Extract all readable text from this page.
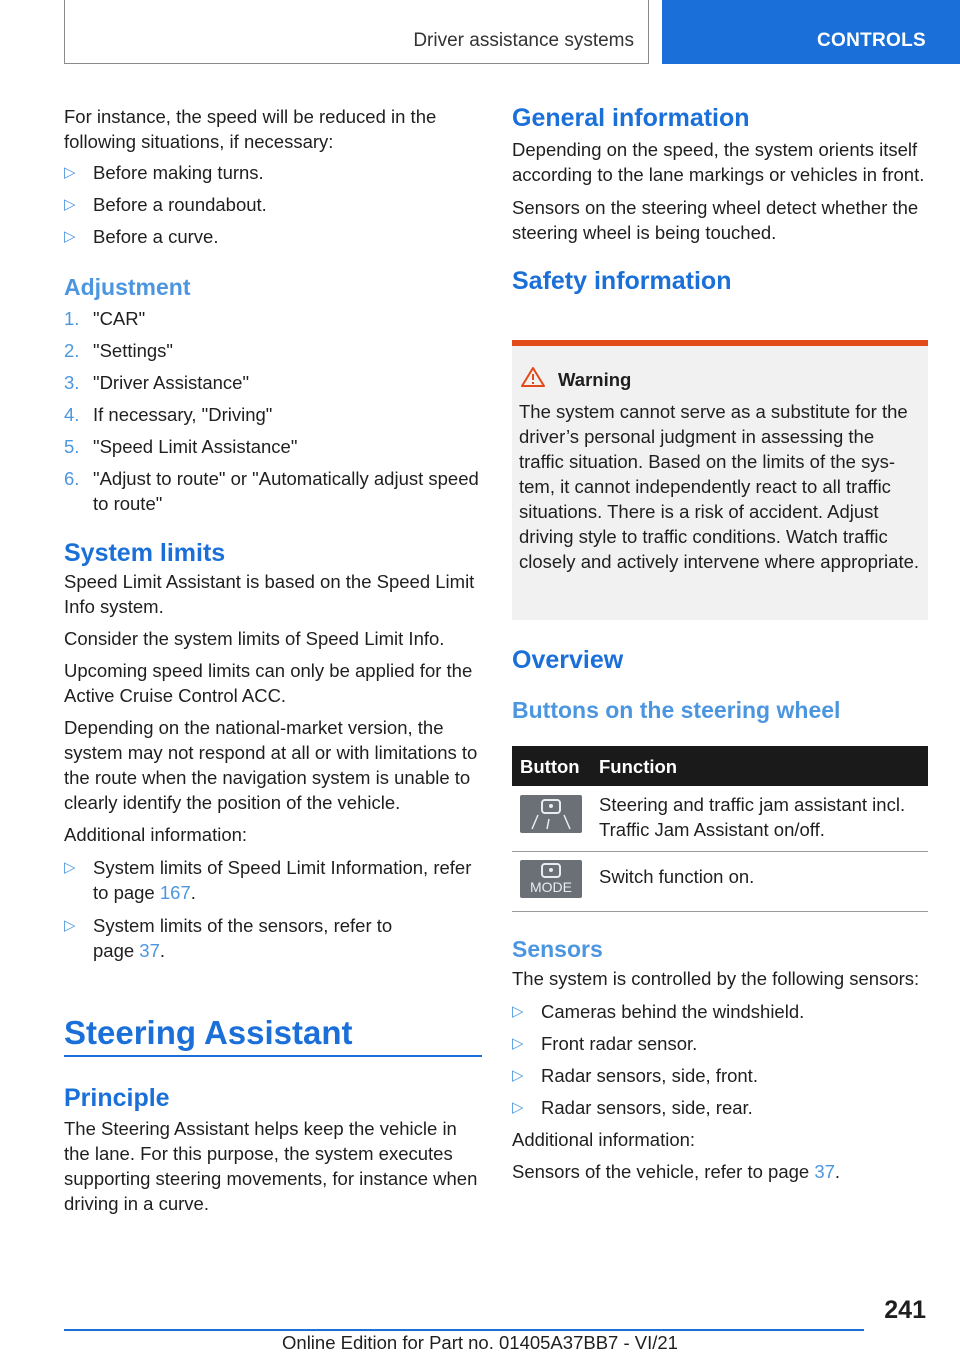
Driver assistance systems	CONTROLS

For instance, the speed will be reduced in the following situations, if necessary:

▷ Before making turns.
▷ Before a roundabout.
▷ Before a curve.

Adjustment

1. "CAR"
2. "Settings"
3. "Driver Assistance"
4. If necessary, "Driving"
5. "Speed Limit Assistance"
6. "Adjust to route" or "Automatically adjust speed to route"

System limits

Speed Limit Assistant is based on the Speed Limit Info system.

Consider the system limits of Speed Limit Info.

Upcoming speed limits can only be applied for the Active Cruise Control ACC.

Depending on the national-market version, the system may not respond at all or with limitations to the route when the navigation system is unable to clearly identify the position of the vehicle.

Additional information:

▷ System limits of Speed Limit Information, refer to page 167.
▷ System limits of the sensors, refer to page 37.
Steering Assistant

Principle

The Steering Assistant helps keep the vehicle in the lane. For this purpose, the system executes supporting steering movements, for instance when driving in a curve.

General information

Depending on the speed, the system orients itself according to the lane markings or vehicles in front.

Sensors on the steering wheel detect whether the steering wheel is being touched.

Safety information

Warning
The system cannot serve as a substitute for the driver’s personal judgment in assessing the traffic situation. Based on the limits of the system, it cannot independently react to all traffic situations. There is a risk of accident. Adjust driving style to traffic conditions. Watch traffic closely and actively intervene where appropriate.

Overview

Buttons on the steering wheel

Button Function
Steering and traffic jam assistant incl. Traffic Jam Assistant on/off.
MODE	Switch function on.

Sensors

The system is controlled by the following sensors:

▷ Cameras behind the windshield.
▷ Front radar sensor.
▷ Radar sensors, side, front.
▷ Radar sensors, side, rear.

Additional information:

Sensors of the vehicle, refer to page 37.

241
Online Edition for Part no. 01405A37BB7 - VI/21
